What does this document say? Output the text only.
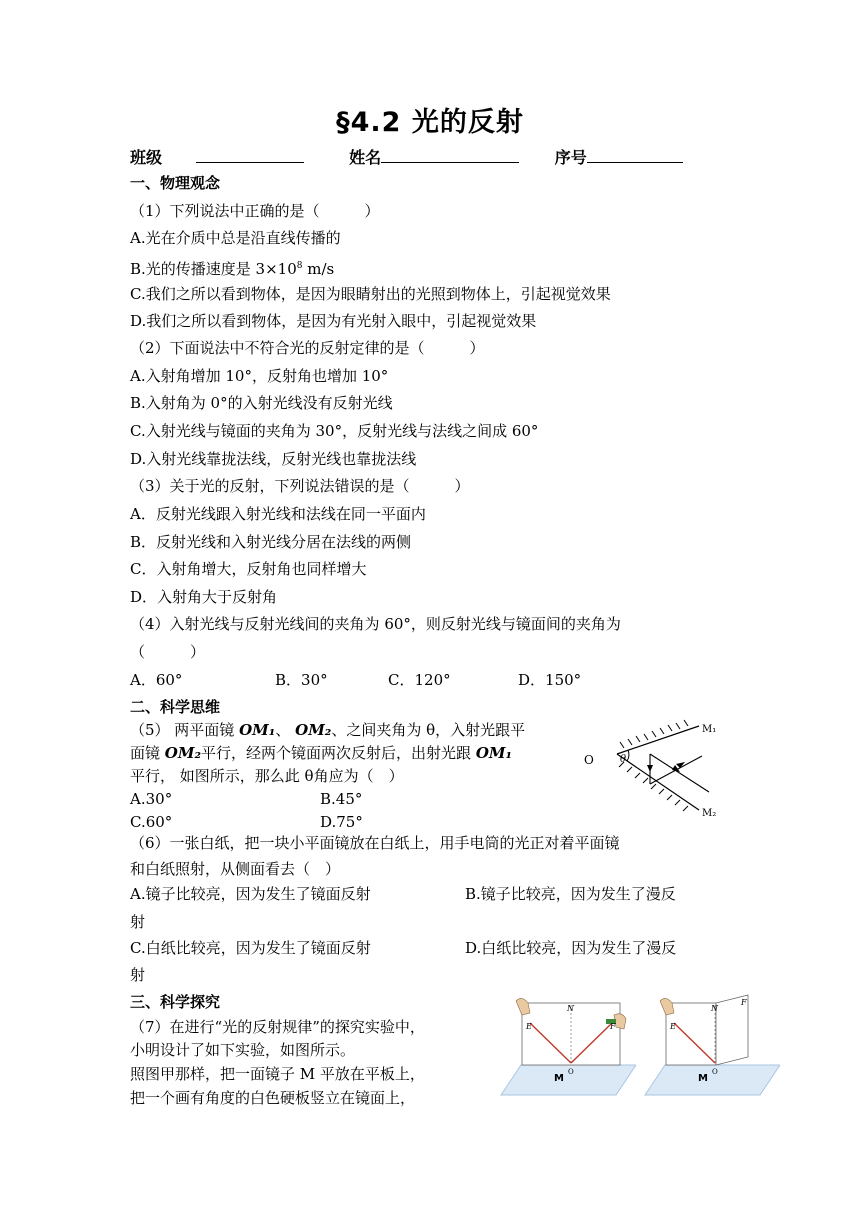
§4.2 光的反射
班级	姓名	序号
一、物理观念
（1）下列说法中正确的是（　　　）
A.光在介质中总是沿直线传播的
B.光的传播速度是 $3\times 10^8$ m/s
C.我们之所以看到物体，是因为眼睛射出的光照到物体上，引起视觉效果
D.我们之所以看到物体，是因为有光射入眼中，引起视觉效果
（2）下面说法中不符合光的反射定律的是（　　　）
A.入射角增加 10°，反射角也增加 10°
B.入射角为 0°的入射光线没有反射光线
C.入射光线与镜面的夹角为 30°，反射光线与法线之间成 60°
D.入射光线靠拢法线，反射光线也靠拢法线
（3）关于光的反射，下列说法错误的是（　　　）
A．反射光线跟入射光线和法线在同一平面内
B．反射光线和入射光线分居在法线的两侧
C．入射角增大，反射角也同样增大
D．入射角大于反射角
（4）入射光线与反射光线间的夹角为 60°，则反射光线与镜面间的夹角为
（　　　）
A．60°	B．30°	C．120°	D．150°
二、科学思维
（5） 两平面镜 OM₁、 OM₂、之间夹角为 θ，入射光跟平
面镜 OM₂平行，经两个镜面两次反射后，出射光跟 OM₁
平行， 如图所示，那么此 θ角应为（　）
A.30°	B.45°
C.60°	D.75°
θ
O
M₁
M₂
（6）一张白纸，把一块小平面镜放在白纸上，用手电筒的光正对着平面镜
和白纸照射，从侧面看去（　）
A.镜子比较亮，因为发生了镜面反射	B.镜子比较亮，因为发生了漫反
射
C.白纸比较亮，因为发生了镜面反射	D.白纸比较亮，因为发生了漫反
射
三、科学探究
（7）在进行“光的反射规律”的探究实验中，
小明设计了如下实验，如图所示。
照图甲那样，把一面镜子 M 平放在平板上，
把一个画有角度的白色硬板竖立在镜面上，
E	F
N
O
M
E
F
N
O
M
